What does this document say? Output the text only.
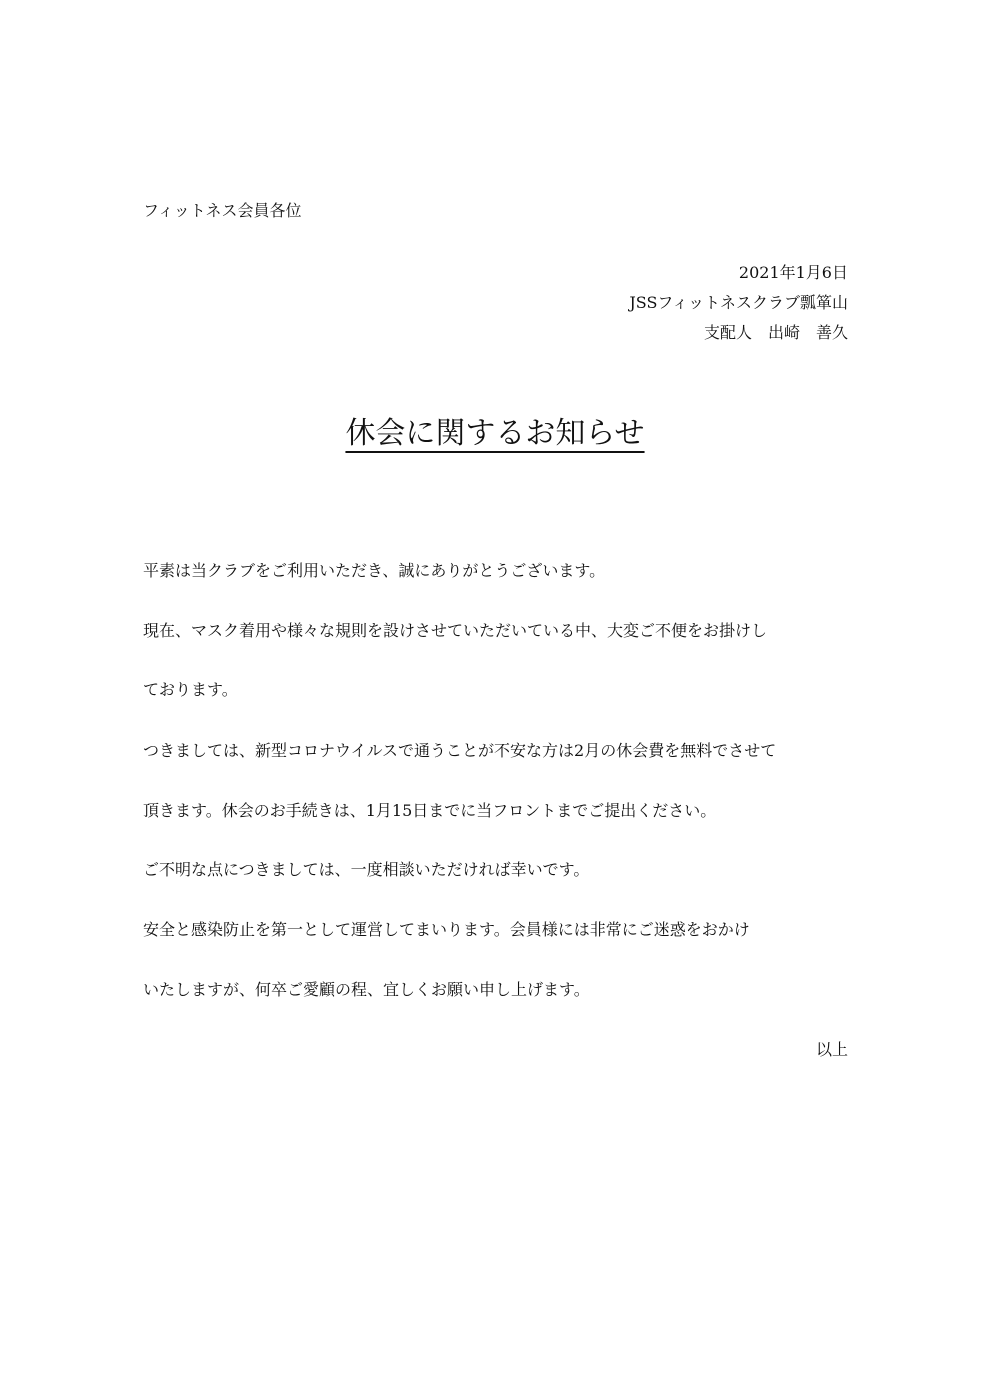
フィットネス会員各位
2021年1月6日
JSSフィットネスクラブ瓢箪山
支配人　出崎　善久
休会に関するお知らせ
平素は当クラブをご利用いただき、誠にありがとうございます。
現在、マスク着用や様々な規則を設けさせていただいている中、大変ご不便をお掛けし
ております。
つきましては、新型コロナウイルスで通うことが不安な方は2月の休会費を無料でさせて
頂きます。休会のお手続きは、1月15日までに当フロントまでご提出ください。
ご不明な点につきましては、一度相談いただければ幸いです。
安全と感染防止を第一として運営してまいります。会員様には非常にご迷惑をおかけ
いたしますが、何卒ご愛顧の程、宜しくお願い申し上げます。
以上
